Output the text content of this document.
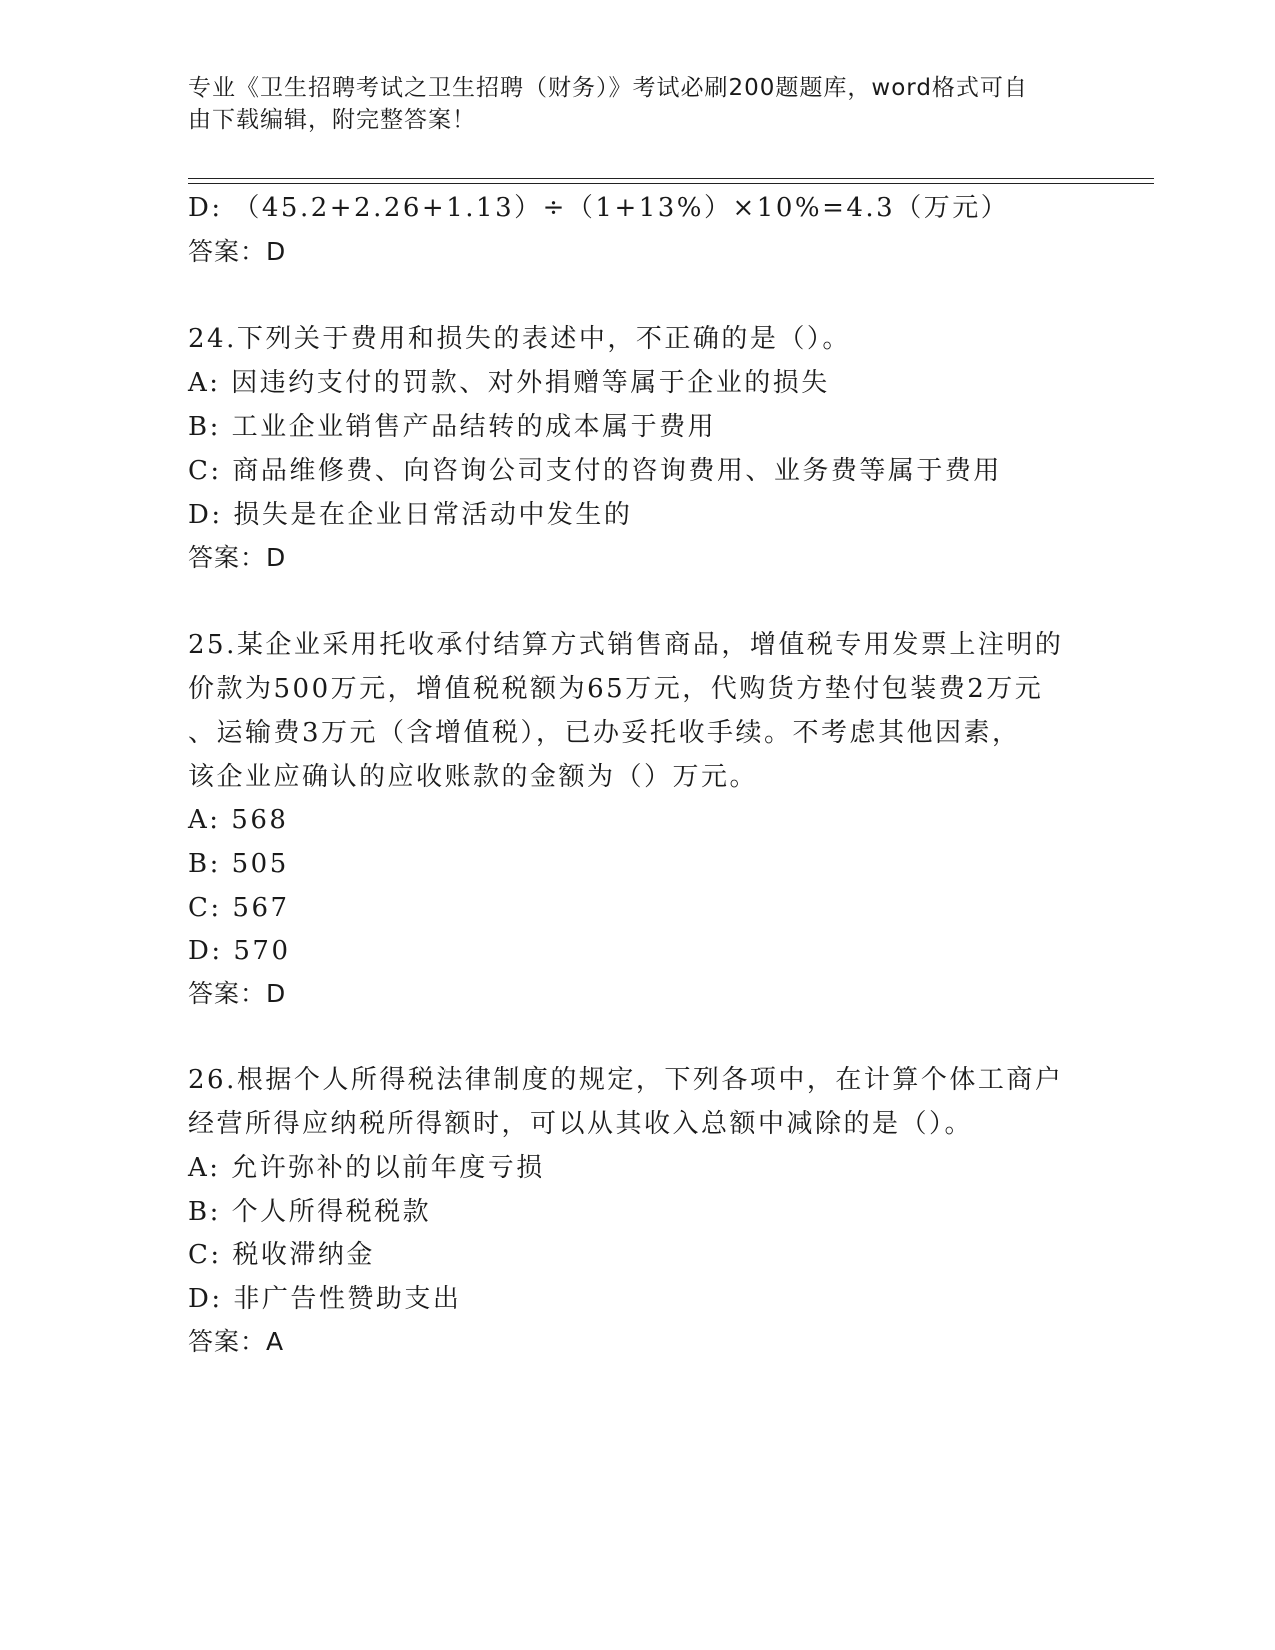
专业《卫生招聘考试之卫生招聘（财务）》考试必刷200题题库，word格式可自
由下载编辑，附完整答案！
D: （45.2+2.26+1.13）÷（1+13%）×10%=4.3（万元）
答案：D
24.下列关于费用和损失的表述中，不正确的是（）。
A: 因违约支付的罚款、对外捐赠等属于企业的损失
B: 工业企业销售产品结转的成本属于费用
C: 商品维修费、向咨询公司支付的咨询费用、业务费等属于费用
D: 损失是在企业日常活动中发生的
答案：D
25.某企业采用托收承付结算方式销售商品，增值税专用发票上注明的
价款为500万元，增值税税额为65万元，代购货方垫付包装费2万元
、运输费3万元（含增值税），已办妥托收手续。不考虑其他因素，
该企业应确认的应收账款的金额为（）万元。
A: 568
B: 505
C: 567
D: 570
答案：D
26.根据个人所得税法律制度的规定，下列各项中，在计算个体工商户
经营所得应纳税所得额时，可以从其收入总额中减除的是（）。
A: 允许弥补的以前年度亏损
B: 个人所得税税款
C: 税收滞纳金
D: 非广告性赞助支出
答案：A
